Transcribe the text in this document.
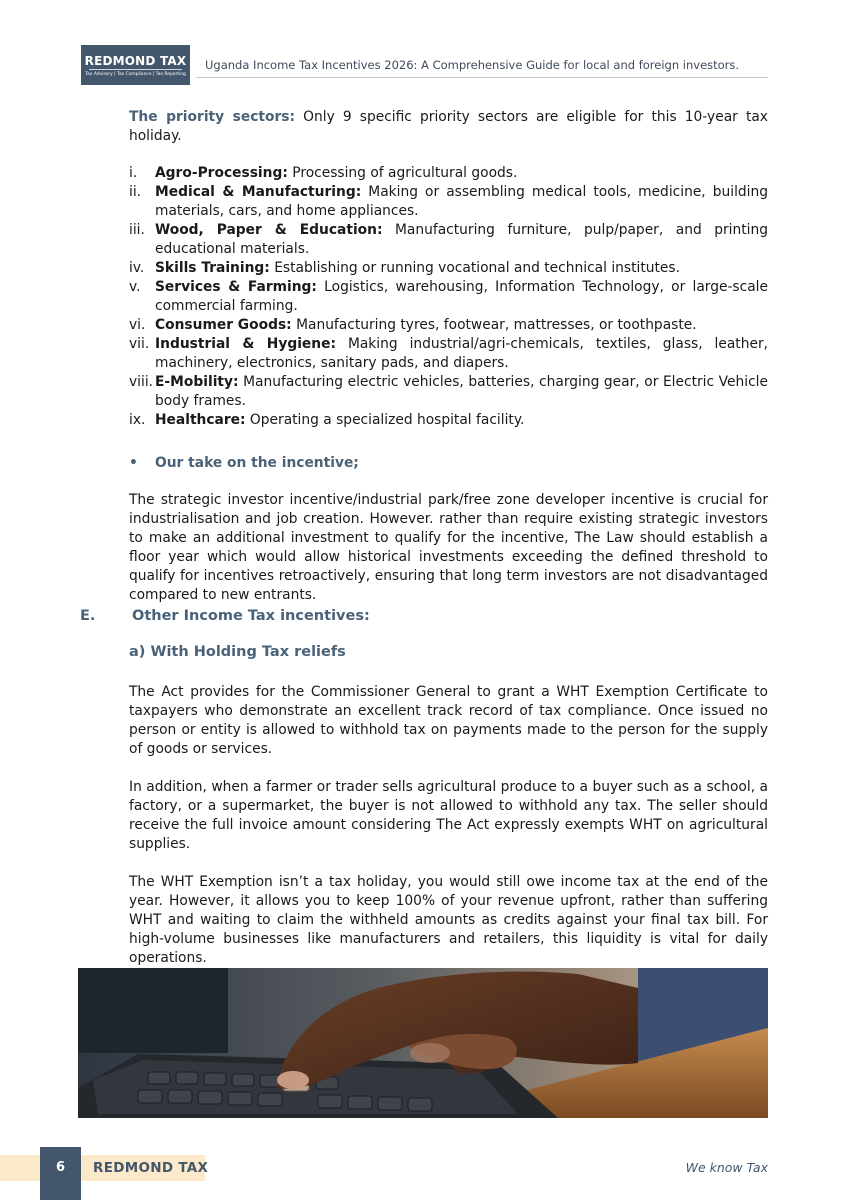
REDMOND TAX
Tax Advisory | Tax Compliance | Tax Reporting
Uganda Income Tax Incentives 2026: A Comprehensive Guide for local and foreign investors.

The priority sectors: Only 9 specific priority sectors are eligible for this 10-year tax holiday.

i. Agro-Processing: Processing of agricultural goods.
ii. Medical & Manufacturing: Making or assembling medical tools, medicine, building materials, cars, and home appliances.
iii. Wood, Paper & Education: Manufacturing furniture, pulp/paper, and printing educational materials.
iv. Skills Training: Establishing or running vocational and technical institutes.
v. Services & Farming: Logistics, warehousing, Information Technology, or large-scale commercial farming.
vi. Consumer Goods: Manufacturing tyres, footwear, mattresses, or toothpaste.
vii. Industrial & Hygiene: Making industrial/agri-chemicals, textiles, glass, leather, machinery, electronics, sanitary pads, and diapers.
viii. E-Mobility: Manufacturing electric vehicles, batteries, charging gear, or Electric Vehicle body frames.
ix. Healthcare: Operating a specialized hospital facility.
• Our take on the incentive;

The strategic investor incentive/industrial park/free zone developer incentive is crucial for industrialisation and job creation. However. rather than require existing strategic investors to make an additional investment to qualify for the incentive, The Law should establish a floor year which would allow historical investments exceeding the defined threshold to qualify for incentives retroactively, ensuring that long term investors are not disadvantaged compared to new entrants.

E.	Other Income Tax incentives:
a) With Holding Tax reliefs

The Act provides for the Commissioner General to grant a WHT Exemption Certificate to taxpayers who demonstrate an excellent track record of tax compliance. Once issued no person or entity is allowed to withhold tax on payments made to the person for the supply of goods or services.

In addition, when a farmer or trader sells agricultural produce to a buyer such as a school, a factory, or a supermarket, the buyer is not allowed to withhold any tax. The seller should receive the full invoice amount considering The Act expressly exempts WHT on agricultural supplies.

The WHT Exemption isn’t a tax holiday, you would still owe income tax at the end of the year. However, it allows you to keep 100% of your revenue upfront, rather than suffering WHT and waiting to claim the withheld amounts as credits against your final tax bill. For high-volume businesses like manufacturers and retailers, this liquidity is vital for daily operations.

6	REDMOND TAX	We know Tax
